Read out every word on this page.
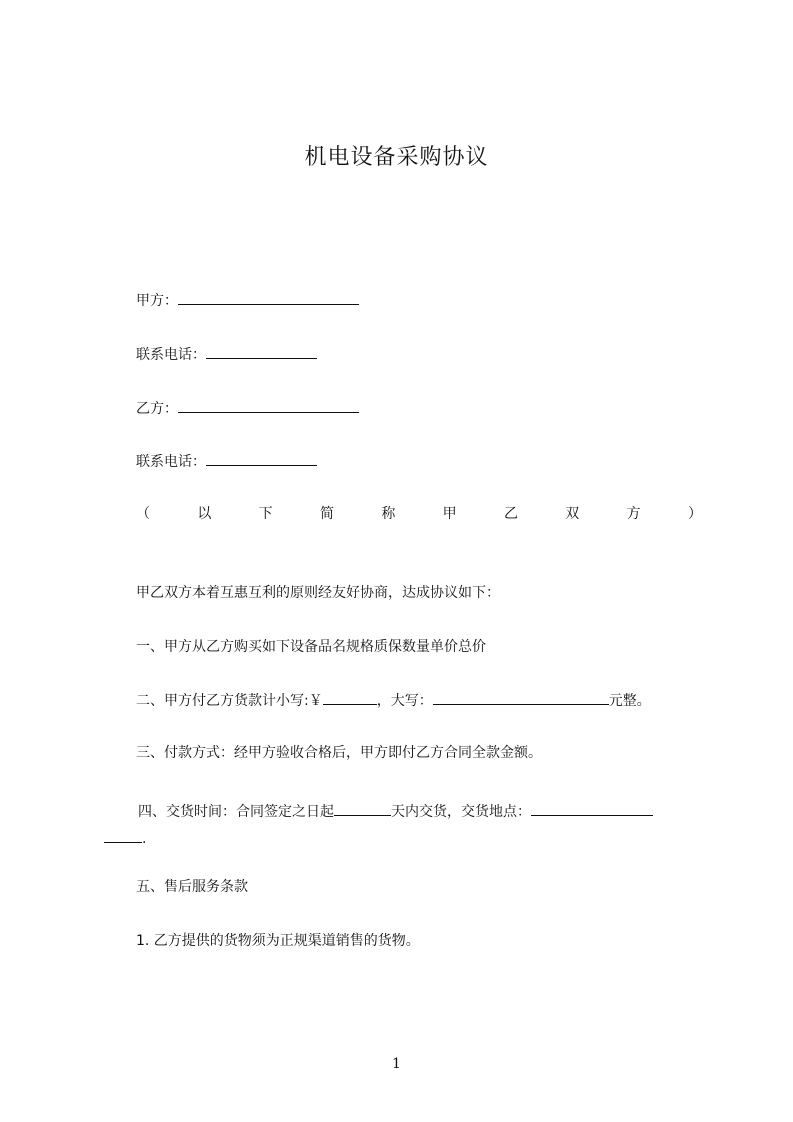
机电设备采购协议
甲方：
联系电话：
乙方：
联系电话：
（	以	下	简	称	甲	乙	双	方	）
甲乙双方本着互惠互利的原则经友好协商，达成协议如下：
一、甲方从乙方购买如下设备品名规格质保数量单价总价
二、甲方付乙方货款计小写:￥	，大写：	元整。
三、付款方式：经甲方验收合格后，甲方即付乙方合同全款金额。
四、交货时间：合同签定之日起	天内交货，交货地点：
.
五、售后服务条款
1. 乙方提供的货物须为正规渠道销售的货物。
1
